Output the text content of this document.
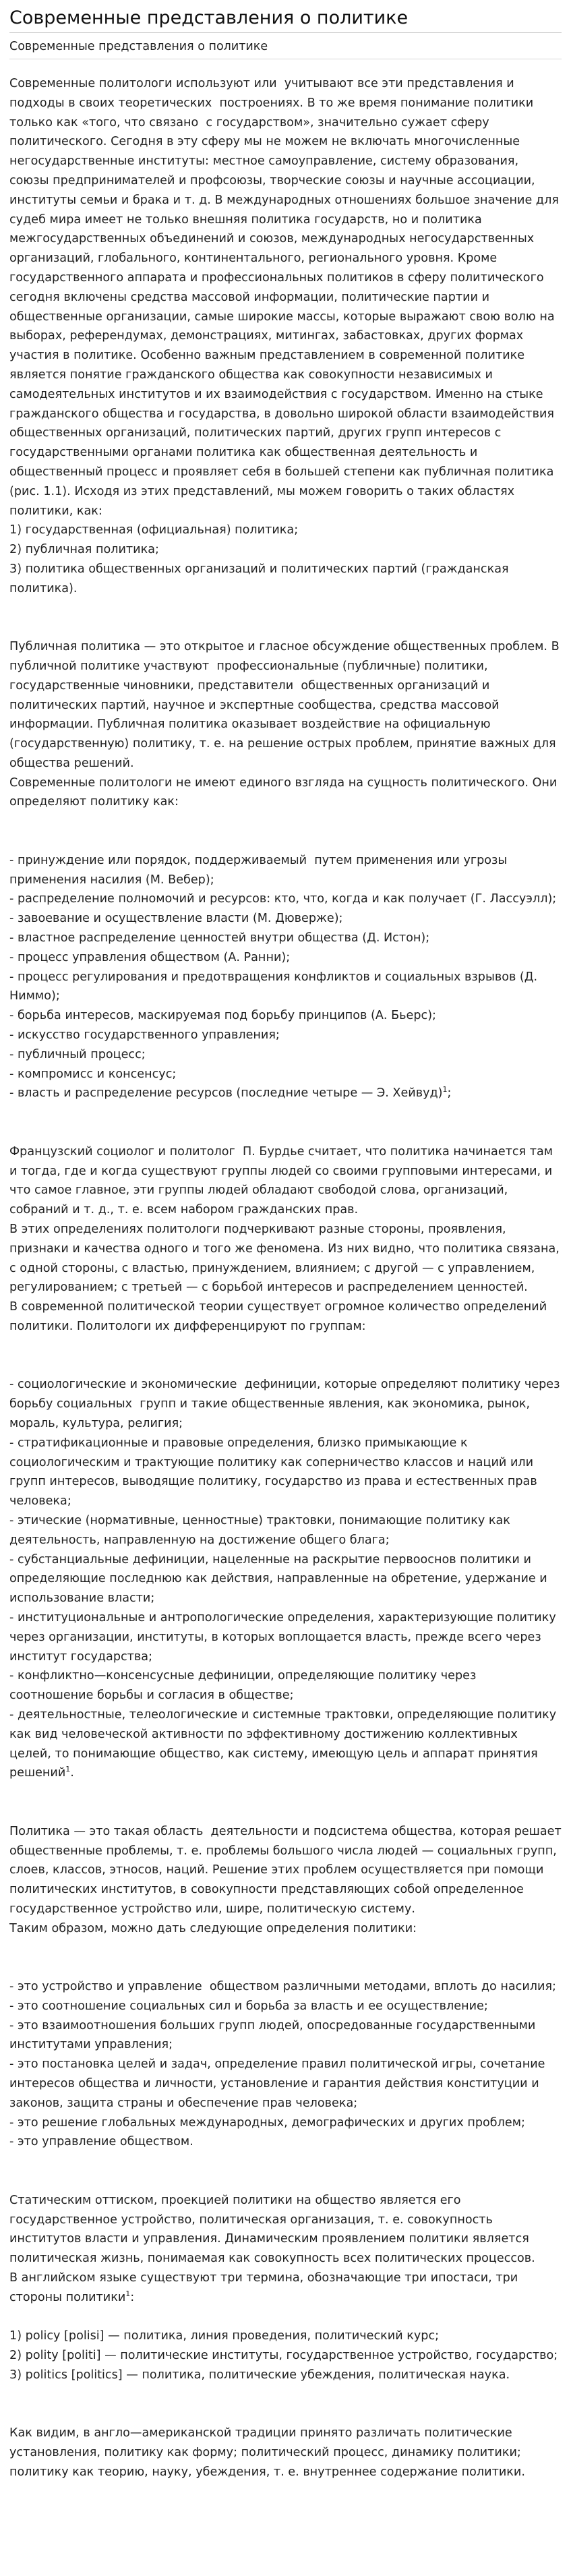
Современные представления о политике
Современные представления о политике

Современные политологи используют или  учитывают все эти представления и подходы в своих теоретических  построениях. В то же время понимание политики только как «того, что связано  с государством», значительно сужает сферу политического. Сегодня в эту сферу мы не можем не включать многочисленные негосударственные институты: местное самоуправление, систему образования, союзы предпринимателей и профсоюзы, творческие союзы и научные ассоциации, институты семьи и брака и т. д. В международных отношениях большое значение для судеб мира имеет не только внешняя политика государств, но и политика межгосударственных объединений и союзов, международных негосударственных организаций, глобального, континентального, регионального уровня. Кроме государственного аппарата и профессиональных политиков в сферу политического сегодня включены средства массовой информации, политические партии и общественные организации, самые широкие массы, которые выражают свою волю на выборах, референдумах, демонстрациях, митингах, забастовках, других формах участия в политике. Особенно важным представлением в современной политике является понятие гражданского общества как совокупности независимых и самодеятельных институтов и их взаимодействия с государством. Именно на стыке гражданского общества и государства, в довольно широкой области взаимодействия общественных организаций, политических партий, других групп интересов с государственными органами политика как общественная деятельность и общественный процесс и проявляет себя в большей степени как публичная политика (рис. 1.1). Исходя из этих представлений, мы можем говорить о таких областях политики, как:

1) государственная (официальная) политика;

2) публичная политика;

3) политика общественных организаций и политических партий (гражданская политика).

Публичная политика — это открытое и гласное обсуждение общественных проблем. В публичной политике участвуют  профессиональные (публичные) политики, государственные чиновники, представители  общественных организаций и политических партий, научное и экспертные сообщества, средства массовой информации. Публичная политика оказывает воздействие на официальную (государственную) политику, т. е. на решение острых проблем, принятие важных для общества решений.

Современные политологи не имеют единого взгляда на сущность политического. Они определяют политику как:

- принуждение или порядок, поддерживаемый  путем применения или угрозы применения насилия (М. Вебер);

- распределение полномочий и ресурсов: кто, что, когда и как получает (Г. Лассуэлл);

- завоевание и осуществление власти (М. Дюверже);

- властное распределение ценностей внутри общества (Д. Истон);

- процесс управления обществом (А. Ранни);

- процесс регулирования и предотвращения конфликтов и социальных взрывов (Д. Ниммо);

- борьба интересов, маскируемая под борьбу принципов (А. Бьерс);

- искусство государственного управления;

- публичный процесс;

- компромисс и консенсус;

- власть и распределение ресурсов (последние четыре — Э. Хейвуд)$^1$;

Французский социолог и политолог  П. Бурдье считает, что политика начинается там и тогда, где и когда существуют группы людей со своими групповыми интересами, и что самое главное, эти группы людей обладают свободой слова, организаций, собраний и т. д., т. е. всем набором гражданских прав.

В этих определениях политологи подчеркивают разные стороны, проявления, признаки и качества одного и того же феномена. Из них видно, что политика связана, с одной стороны, с властью, принуждением, влиянием; с другой — с управлением, регулированием; с третьей — с борьбой интересов и распределением ценностей.

В современной политической теории существует огромное количество определений политики. Политологи их дифференцируют по группам:

- социологические и экономические  дефиниции, которые определяют политику через борьбу социальных  групп и такие общественные явления, как экономика, рынок,  мораль, культура, религия;

- стратификационные и правовые определения, близко примыкающие к социологическим и трактующие политику как соперничество классов и наций или групп интересов, выводящие политику, государство из права и естественных прав человека;

- этические (нормативные, ценностные) трактовки, понимающие политику как деятельность, направленную на достижение общего блага;

- субстанциальные дефиниции, нацеленные на раскрытие первооснов политики и определяющие последнюю как действия, направленные на обретение, удержание и использование власти;

- институциональные и антропологические определения, характеризующие политику через организации, институты, в которых воплощается власть, прежде всего через институт государства;

- конфликтно—консенсусные дефиниции, определяющие политику через соотношение борьбы и согласия в обществе;

- деятельностные, телеологические и системные трактовки, определяющие политику как вид человеческой активности по эффективному достижению коллективных целей, то понимающие общество, как систему, имеющую цель и аппарат принятия решений$^1$.

Политика — это такая область  деятельности и подсистема общества, которая решает общественные проблемы, т. е. проблемы большого числа людей — социальных групп, слоев, классов, этносов, наций. Решение этих проблем осуществляется при помощи политических институтов, в совокупности представляющих собой определенное государственное устройство или, шире, политическую систему.

Таким образом, можно дать следующие определения политики:

- это устройство и управление  обществом различными методами, вплоть до насилия;

- это соотношение социальных сил и борьба за власть и ее осуществление;

- это взаимоотношения больших групп людей, опосредованные государственными институтами управления;

- это постановка целей и задач, определение правил политической игры, сочетание интересов общества и личности, установление и гарантия действия конституции и законов, защита страны и обеспечение прав человека;

- это решение глобальных международных, демографических и других проблем;

- это управление обществом.

Статическим оттиском, проекцией политики на общество является его государственное устройство, политическая организация, т. е. совокупность институтов власти и управления. Динамическим проявлением политики является политическая жизнь, понимаемая как совокупность всех политических процессов.

В английском языке существуют три термина, обозначающие три ипостаси, три стороны политики$^1$:

1) policy [polisi] — политика, линия проведения, политический курс;

2) polity [politi] — политические институты, государственное устройство, государство;

3) politics [politics] — политика, политические убеждения, политическая наука.

Как видим, в англо—американской традиции принято различать политические установления, политику как форму; политический процесс, динамику политики; политику как теорию, науку, убеждения, т. е. внутреннее содержание политики.
